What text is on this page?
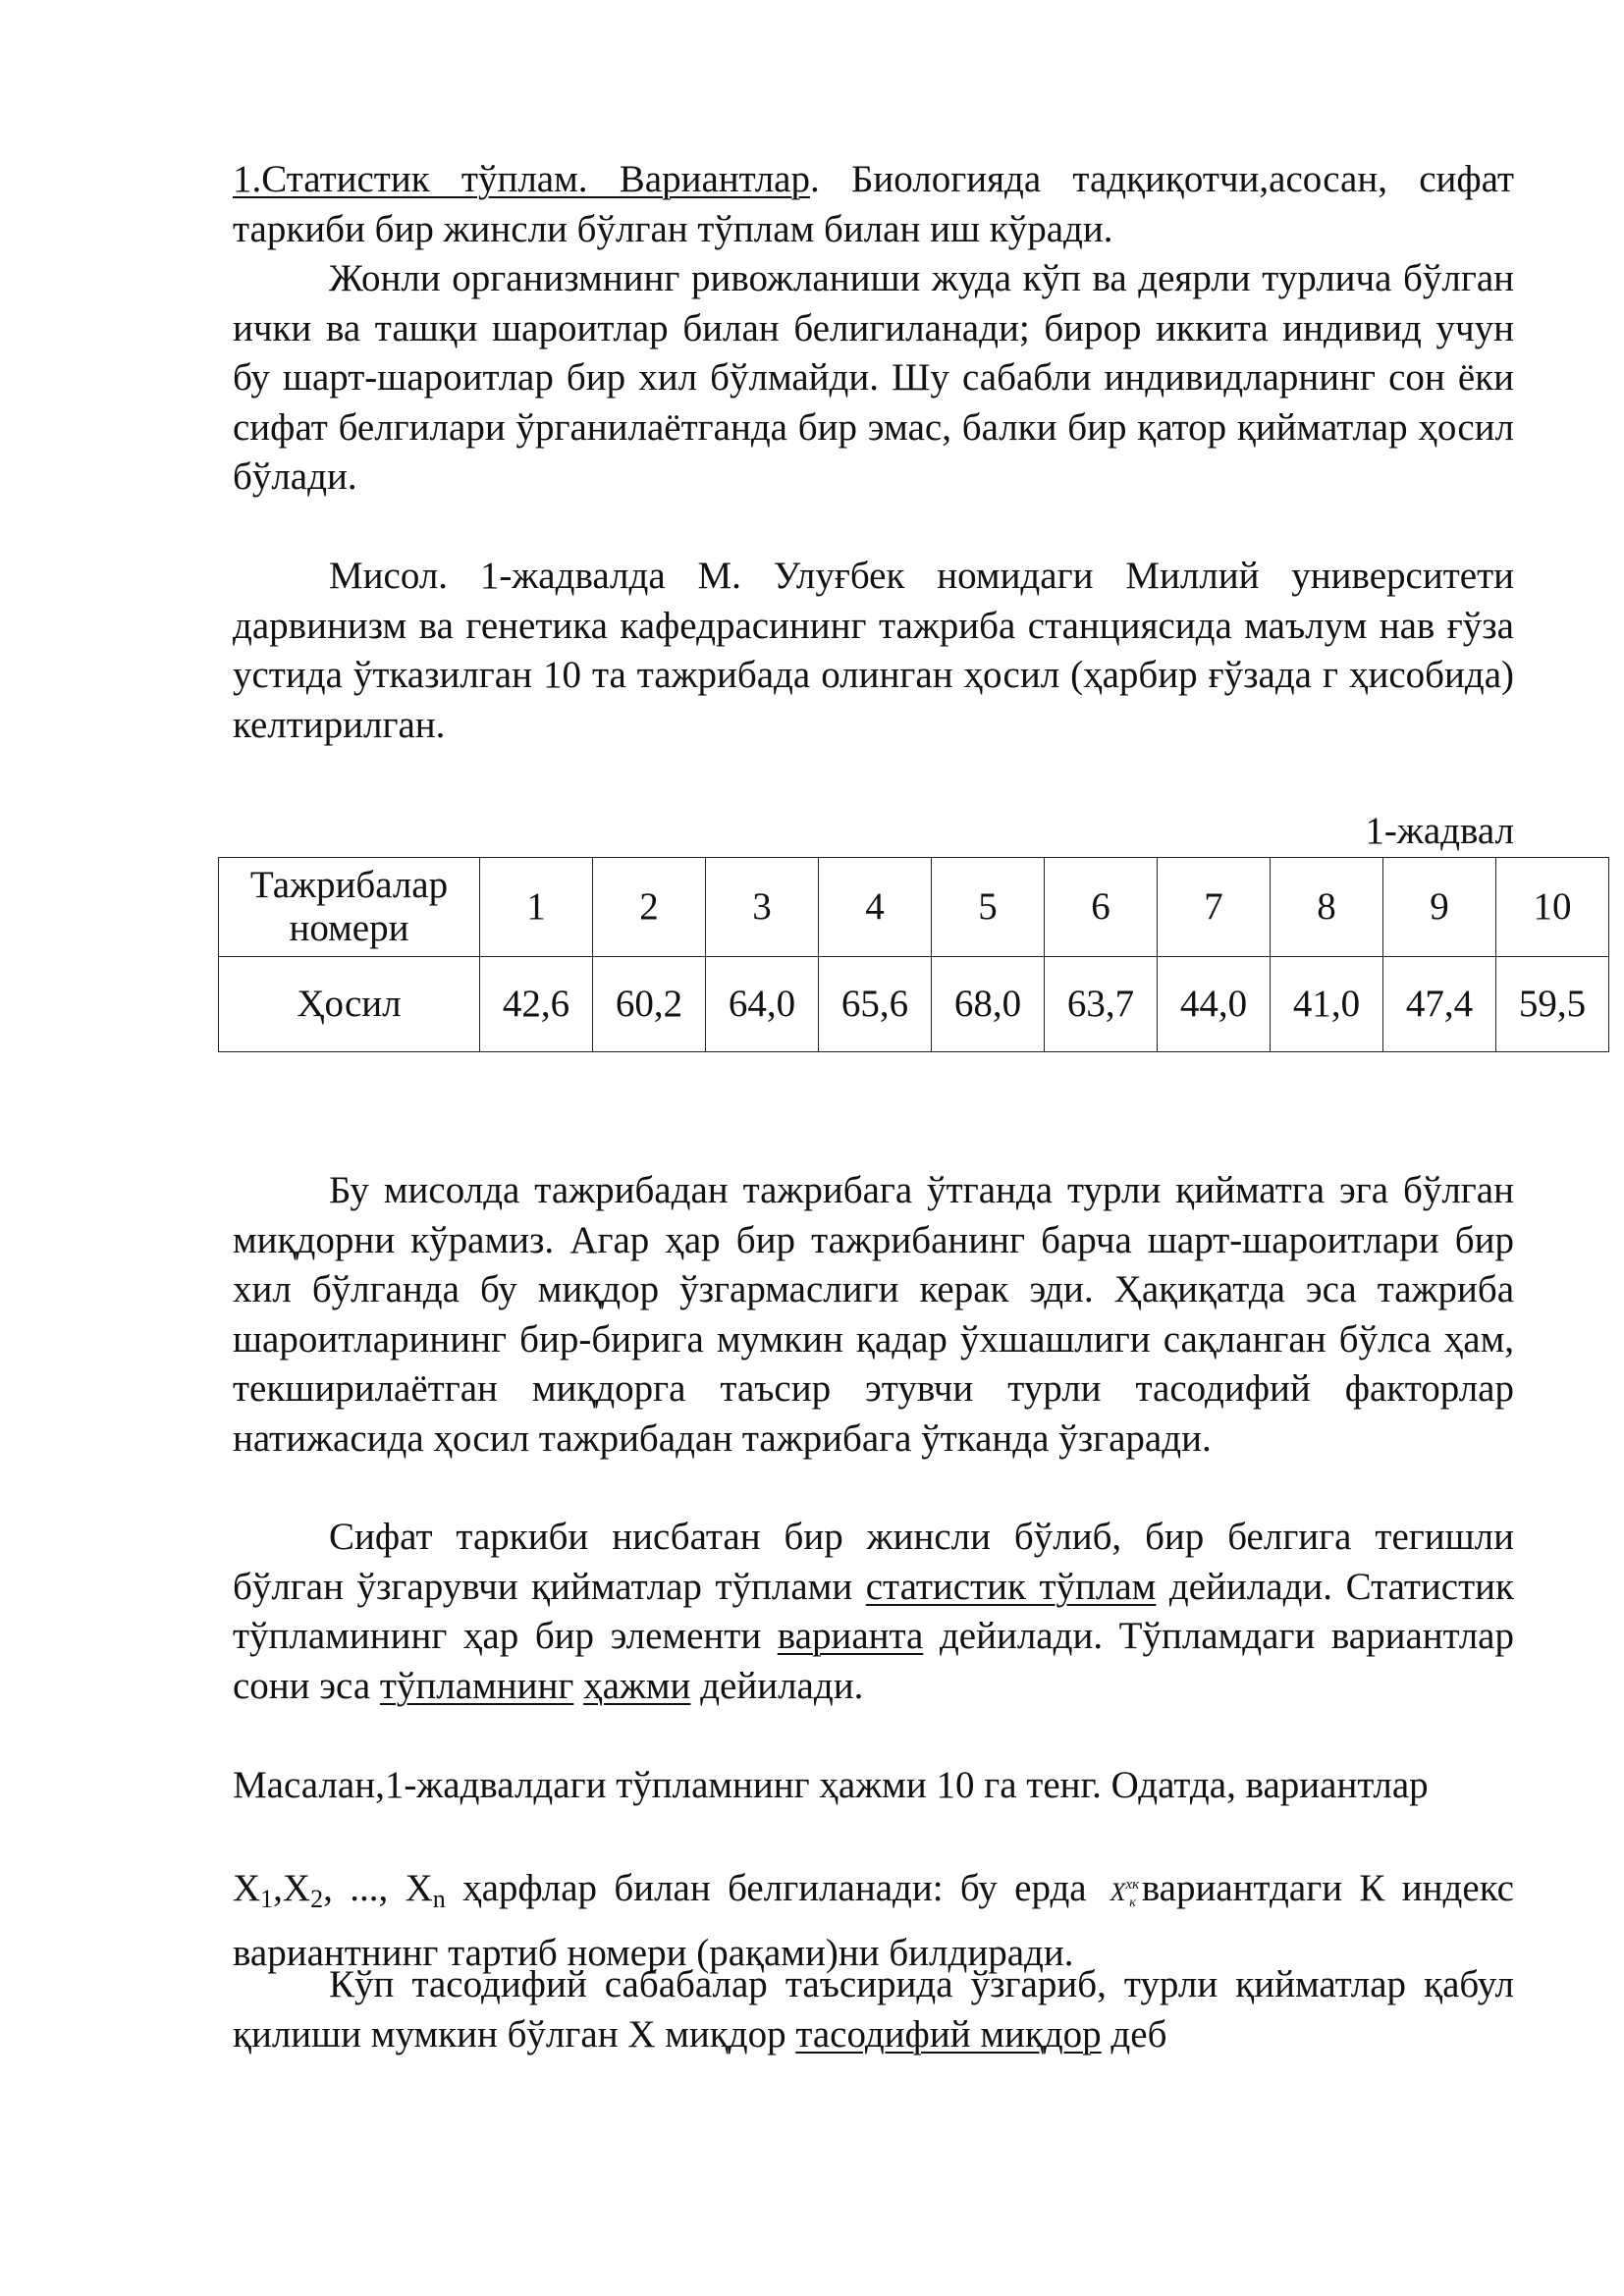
1.Статистик тўплам. Вариантлар. Биологияда тадқиқотчи,асосан, сифат таркиби бир жинсли бўлган тўплам билан иш кўради.

Жонли организмнинг ривожланиши жуда кўп ва деярли турлича бўлган ички ва ташқи шароитлар билан белигиланади; бирор иккита индивид учун бу шарт-шароитлар бир хил бўлмайди. Шу сабабли индивидларнинг сон ёки сифат белгилари ўрганилаётганда бир эмас, балки бир қатор қийматлар ҳосил бўлади.

Мисол. 1-жадвалда М. Улуғбек номидаги Миллий университети дарвинизм ва генетика кафедрасининг тажриба станциясида маълум нав ғўза устида ўтказилган 10 та тажрибада олинган ҳосил (ҳарбир ғўзада г ҳисобида) келтирилган.

1-жадвал
Тажрибалар номери	1	2	3	4	5	6	7	8	9	10
Ҳосил	42,6	60,2	64,0	65,6	68,0	63,7	44,0	41,0	47,4	59,5

Бу мисолда тажрибадан тажрибага ўтганда турли қийматга эга бўлган миқдорни кўрамиз. Агар ҳар бир тажрибанинг барча шарт-шароитлари бир хил бўлганда бу миқдор ўзгармаслиги керак эди. Ҳақиқатда эса тажриба шароитларининг бир-бирига мумкин қадар ўхшашлиги сақланган бўлса ҳам, текширилаётган миқдорга таъсир этувчи турли тасодифий факторлар натижасида ҳосил тажрибадан тажрибага ўтканда ўзгаради.

Сифат таркиби нисбатан бир жинсли бўлиб, бир белгига тегишли бўлган ўзгарувчи қийматлар тўплами статистик тўплам дейилади. Статистик тўпламининг ҳар бир элементи варианта дейилади. Тўпламдаги вариантлар сони эса тўпламнинг ҳажми дейилади.

Масалан,1-жадвалдаги тўпламнинг ҳажми 10 га тенг. Одатда, вариантлар

$Х_1,Х_2$, ..., $Х_n$ ҳарфлар билан белгиланади: бу ерда $X^{xк}_к$ вариантдаги К индекс вариантнинг тартиб номери (рақами)ни билдиради.

Кўп тасодифий сабабалар таъсирида ўзгариб, турли қийматлар қабул қилиши мумкин бўлган Х миқдор тасодифий миқдор деб
